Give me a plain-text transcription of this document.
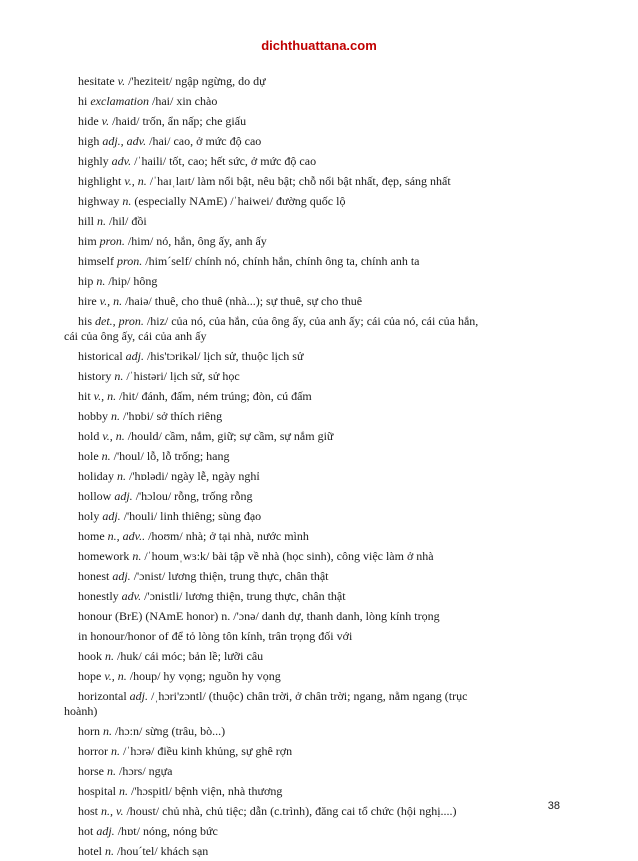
dichthuattana.com
hesitate v. /'heziteit/ ngập ngừng, do dự
hi exclamation /hai/ xin chào
hide v. /haid/ trốn, ẩn nấp; che giấu
high adj., adv. /hai/ cao, ở mức độ cao
highly adv. /ˈhaili/ tốt, cao; hết sức, ở mức độ cao
highlight v., n. /ˈhaɪˌlaɪt/ làm nổi bật, nêu bật; chỗ nổi bật nhất, đẹp, sáng nhất
highway n. (especially NAmE) /ˈhaiwei/ đường quốc lộ
hill n. /hil/ đồi
him pron. /him/ nó, hắn, ông ấy, anh ấy
himself pron. /him´self/ chính nó, chính hắn, chính ông ta, chính anh ta
hip n. /hip/ hông
hire v., n. /haiə/ thuê, cho thuê (nhà...); sự thuê, sự cho thuê
his det., pron. /hiz/ của nó, của hắn, của ông ấy, của anh ấy; cái của nó, cái của hắn,
cái của ông ấy, cái của anh ấy
historical adj. /his'tɔrikəl/ lịch sử, thuộc lịch sử
history n. /ˈhistəri/ lịch sử, sử học
hit v., n. /hit/ đánh, đấm, ném trúng; đòn, cú đấm
hobby n. /'hɒbi/ sở thích riêng
hold v., n. /hould/ cầm, nắm, giữ; sự cầm, sự nắm giữ
hole n. /'houl/ lỗ, lỗ trống; hang
holiday n. /'hɒlədi/ ngày lễ, ngày nghỉ
hollow adj. /'hɔlou/ rỗng, trống rỗng
holy adj. /'houli/ linh thiêng; sùng đạo
home n., adv.. /hoʊm/ nhà; ở tại nhà, nước mình
homework n. /ˈhoumˌwɜ:k/ bài tập về nhà (học sinh), công việc làm ở nhà
honest adj. /'ɔnist/ lương thiện, trung thực, chân thật
honestly adv. /'ɔnistli/ lương thiện, trung thực, chân thật
honour (BrE) (NAmE honor) n. /'ɔnə/ danh dự, thanh danh, lòng kính trọng
in honour/honor of để tỏ lòng tôn kính, trân trọng đối với
hook n. /huk/ cái móc; bản lề; lưỡi câu
hope v., n. /houp/ hy vọng; nguồn hy vọng
horizontal adj. /ˌhɔri'zɔntl/ (thuộc) chân trời, ở chân trời; ngang, nằm ngang (trục
hoành)
horn n. /hɔ:n/ sừng (trâu, bò...)
horror n. /ˈhɔrə/ điều kinh khủng, sự ghê rợn
horse n. /hɔrs/ ngựa
hospital n. /'hɔspitl/ bệnh viện, nhà thương
host n., v. /houst/ chủ nhà, chủ tiệc; dẫn (c.trình), đăng cai tổ chức (hội nghị....)
hot adj. /hɒt/ nóng, nóng bức
hotel n. /hou´tel/ khách sạn
38
